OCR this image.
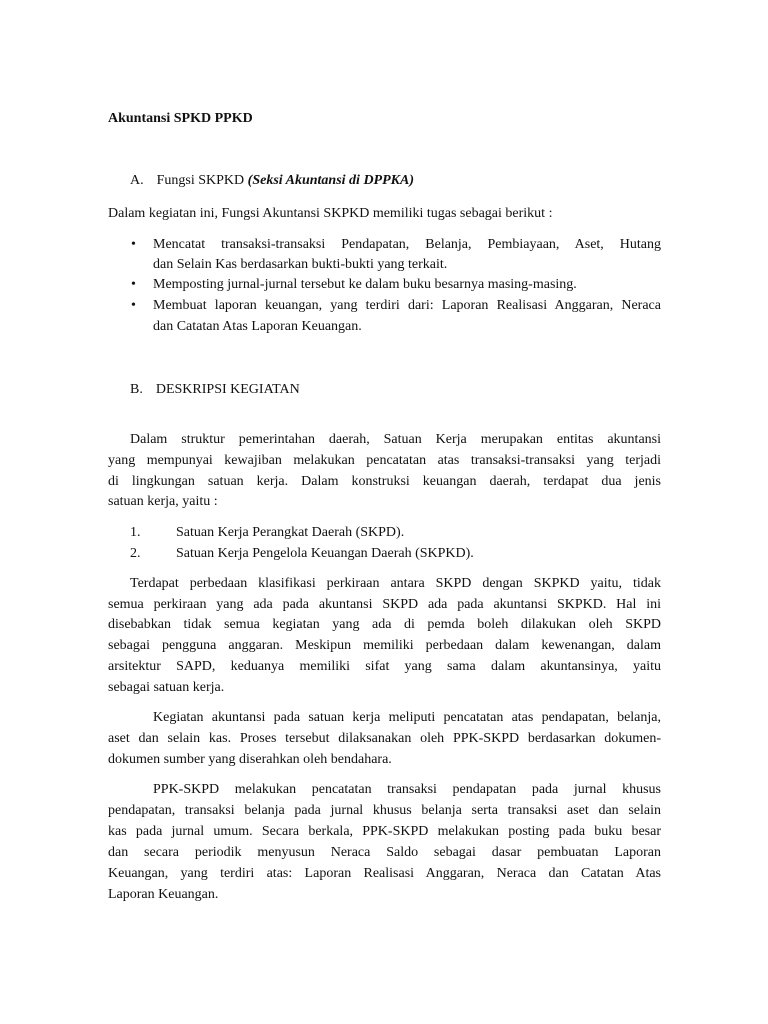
Akuntansi SPKD PPKD

A. Fungsi SKPKD (Seksi Akuntansi di DPPKA)

Dalam kegiatan ini, Fungsi Akuntansi SKPKD memiliki tugas sebagai berikut :

• Mencatat transaksi-transaksi Pendapatan, Belanja, Pembiayaan, Aset, Hutang

dan Selain Kas berdasarkan bukti-bukti yang terkait.

• Memposting jurnal-jurnal tersebut ke dalam buku besarnya masing-masing.

• Membuat laporan keuangan, yang terdiri dari: Laporan Realisasi Anggaran, Neraca

dan Catatan Atas Laporan Keuangan.

B. DESKRIPSI KEGIATAN

Dalam struktur pemerintahan daerah, Satuan Kerja merupakan entitas akuntansi

yang mempunyai kewajiban melakukan pencatatan atas transaksi-transaksi yang terjadi

di lingkungan satuan kerja. Dalam konstruksi keuangan daerah, terdapat dua jenis

satuan kerja, yaitu :

1.	Satuan Kerja Perangkat Daerah (SKPD).

2.	Satuan Kerja Pengelola Keuangan Daerah (SKPKD).

Terdapat perbedaan klasifikasi perkiraan antara SKPD dengan SKPKD yaitu, tidak

semua perkiraan yang ada pada akuntansi SKPD ada pada akuntansi SKPKD. Hal ini

disebabkan tidak semua kegiatan yang ada di pemda boleh dilakukan oleh SKPD

sebagai pengguna anggaran. Meskipun memiliki perbedaan dalam kewenangan, dalam

arsitektur SAPD, keduanya memiliki sifat yang sama dalam akuntansinya, yaitu

sebagai satuan kerja.

Kegiatan akuntansi pada satuan kerja meliputi pencatatan atas pendapatan, belanja,

aset dan selain kas. Proses tersebut dilaksanakan oleh PPK-SKPD berdasarkan dokumen-

dokumen sumber yang diserahkan oleh bendahara.

PPK-SKPD melakukan pencatatan transaksi pendapatan pada jurnal khusus

pendapatan, transaksi belanja pada jurnal khusus belanja serta transaksi aset dan selain

kas pada jurnal umum. Secara berkala, PPK-SKPD melakukan posting pada buku besar

dan secara periodik menyusun Neraca Saldo sebagai dasar pembuatan Laporan

Keuangan, yang terdiri atas: Laporan Realisasi Anggaran, Neraca dan Catatan Atas

Laporan Keuangan.
